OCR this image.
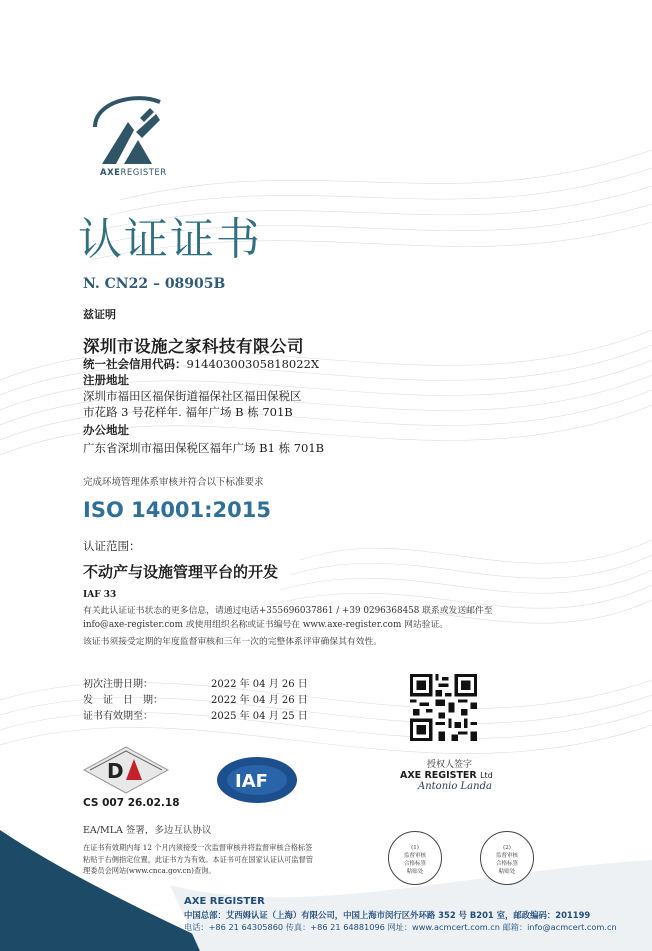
AXEREGISTER
认证证书
N. CN22 – 08905B
兹证明
深圳市设施之家科技有限公司
统一社会信用代码：91440300305818022X
注册地址
深圳市福田区福保街道福保社区福田保税区
市花路 3 号花样年. 福年广场 B 栋 701B
办公地址
广东省深圳市福田保税区福年广场 B1 栋 701B
完成环境管理体系审核并符合以下标准要求
ISO 14001:2015
认证范围：
不动产与设施管理平台的开发
IAF 33
有关此认证证书状态的更多信息，请通过电话+355696037861 / +39 0296368458 联系或发送邮件至
info@axe-register.com 或使用组织名称或证书编号在 www.axe-register.com 网站验证。
该证书须接受定期的年度监督审核和三年一次的完整体系评审确保其有效性。
初次注册日期：
发　证　日　期：
证书有效期至：
2022 年 04 月 26 日
2022 年 04 月 26 日
2025 年 04 月 25 日
授权人签字
AXE REGISTER Ltd
Antonio Landa
D
CS 007 26.02.18
IAF
EA/MLA 签署，多边互认协议
在证书有效期内每 12 个月内须接受一次监督审核并将监督审核合格标签粘贴于右侧指定位置，此证书方为有效。本证书可在国家认证认可监督管理委员会网站(www.cnca.gov.cn)查询。
(1)
监督审核
合格标签
粘贴处
(2)
监督审核
合格标签
粘贴处
AXE REGISTER
中国总部：艾西姆认证（上海）有限公司，中国上海市闵行区外环路 352 号 B201 室，邮政编码：201199
电话：+86 21 64305860 传真：+86 21 64881096 网址：www.acmcert.com.cn 邮箱：info@acmcert.com.cn
